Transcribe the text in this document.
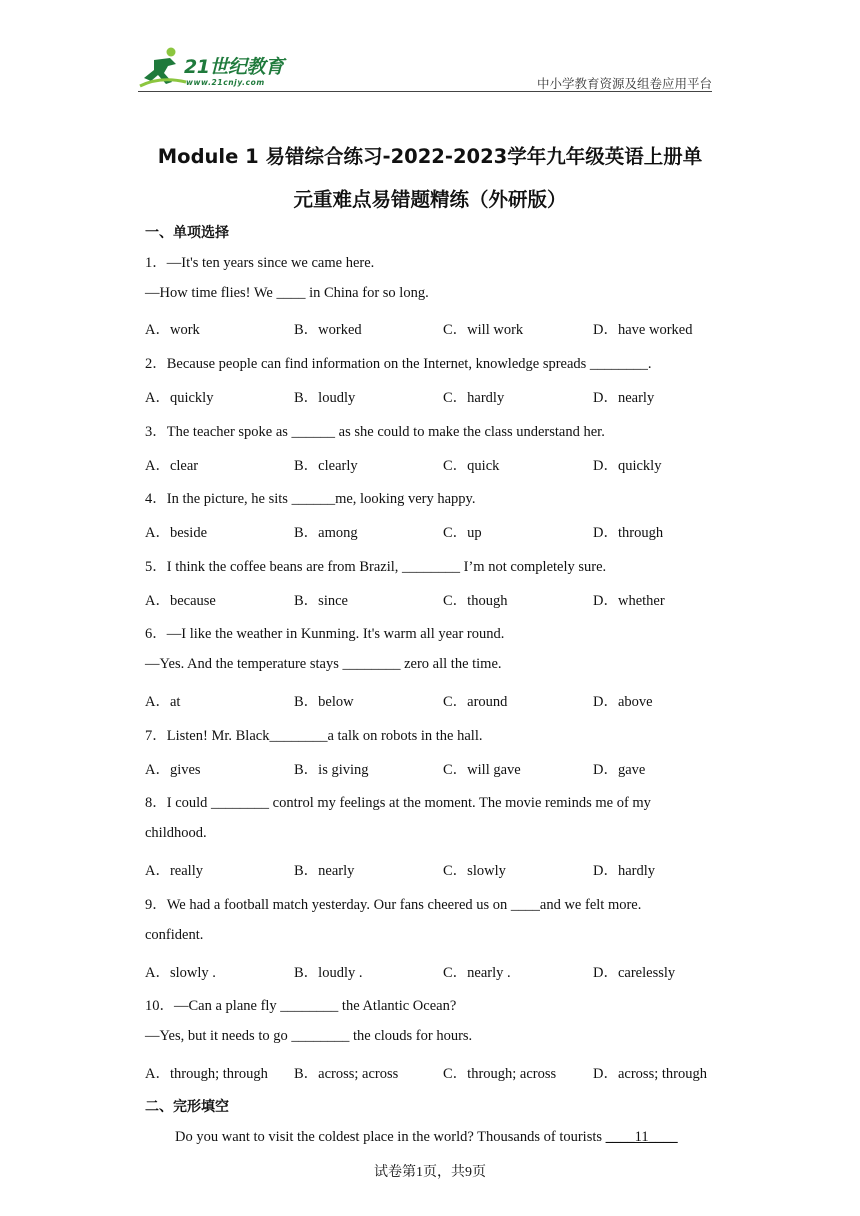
21世纪教育
www.21cnjy.com	中小学教育资源及组卷应用平台
Module 1 易错综合练习-2022-2023学年九年级英语上册单
元重难点易错题精练（外研版）
一、单项选择
1．—It's ten years since we came here.
—How time flies! We ____ in China for so long.
A．work	B．worked	C．will work	D．have worked
2．Because people can find information on the Internet, knowledge spreads ________.
A．quickly	B．loudly	C．hardly	D．nearly
3．The teacher spoke as ______ as she could to make the class understand her.
A．clear	B．clearly	C．quick	D．quickly
4．In the picture, he sits ______me, looking very happy.
A．beside	B．among	C．up	D．through
5．I think the coffee beans are from Brazil, ________ I’m not completely sure.
A．because	B．since	C．though	D．whether
6．—I like the weather in Kunming. It's warm all year round.
—Yes. And the temperature stays ________ zero all the time.
A．at	B．below	C．around	D．above
7．Listen! Mr. Black________a talk on robots in the hall.
A．gives	B．is giving	C．will gave	D．gave
8．I could ________ control my feelings at the moment. The movie reminds me of my
childhood.
A．really	B．nearly	C．slowly	D．hardly
9．We had a football match yesterday. Our fans cheered us on ____and we felt more.
confident.
A．slowly .	B．loudly .	C．nearly .	D．carelessly
10．—Can a plane fly ________ the Atlantic Ocean?
—Yes, but it needs to go ________ the clouds for hours.
A．through; through B．across; across	C．through; across	D．across; through
二、完形填空
Do you want to visit the coldest place in the world? Thousands of tourists ____11____
试卷第1页，共9页
